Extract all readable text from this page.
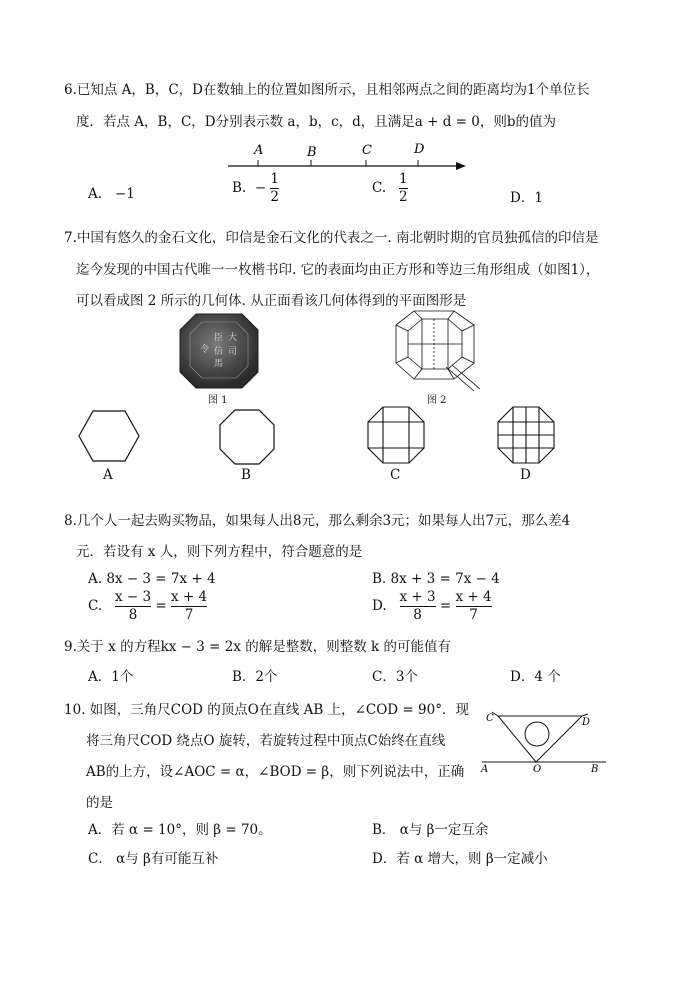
6.已知点 A，B，C，D在数轴上的位置如图所示，且相邻两点之间的距离均为1个单位长
度．若点 A，B，C，D分别表示数 a，b，c，d，且满足a + d = 0，则b的值为
A	B	C	D
A. −1	B. − $\frac{1}{2}$	C. $\frac{1}{2}$	D．1
7.中国有悠久的金石文化，印信是金石文化的代表之一. 南北朝时期的官员独孤信的印信是
迄今发现的中国古代唯一一枚楷书印. 它的表面均由正方形和等边三角形组成（如图1），
可以看成图 2 所示的几何体. 从正面看该几何体得到的平面图形是
臣 大
司
信
令
馬
图 1	图 2
A	B	C	D
8.几个人一起去购买物品，如果每人出8元，那么剩余3元；如果每人出7元，那么差4
元．若设有 x 人，则下列方程中，符合题意的是
A. 8x − 3 = 7x + 4	B. 8x + 3 = 7x − 4
C. $\frac{x - 3}{8} = \frac{x + 4}{7}$	D. $\frac{x + 3}{8} = \frac{x + 4}{7}$
9.关于 x 的方程kx − 3 = 2x 的解是整数，则整数 k 的可能值有
A．1个	B．2个	C．3个	D．4 个
10. 如图，三角尺COD 的顶点O在直线 AB 上，∠COD = 90°．现
将三角尺COD 绕点O 旋转，若旋转过程中顶点C始终在直线
AB的上方，设∠AOC = α，∠BOD = β，则下列说法中，正确
的是
C	D
A	O	B
A．若 α = 10°，则 β = 70。	B． α与 β一定互余
C． α与 β有可能互补	D．若 α 增大，则 β一定减小
